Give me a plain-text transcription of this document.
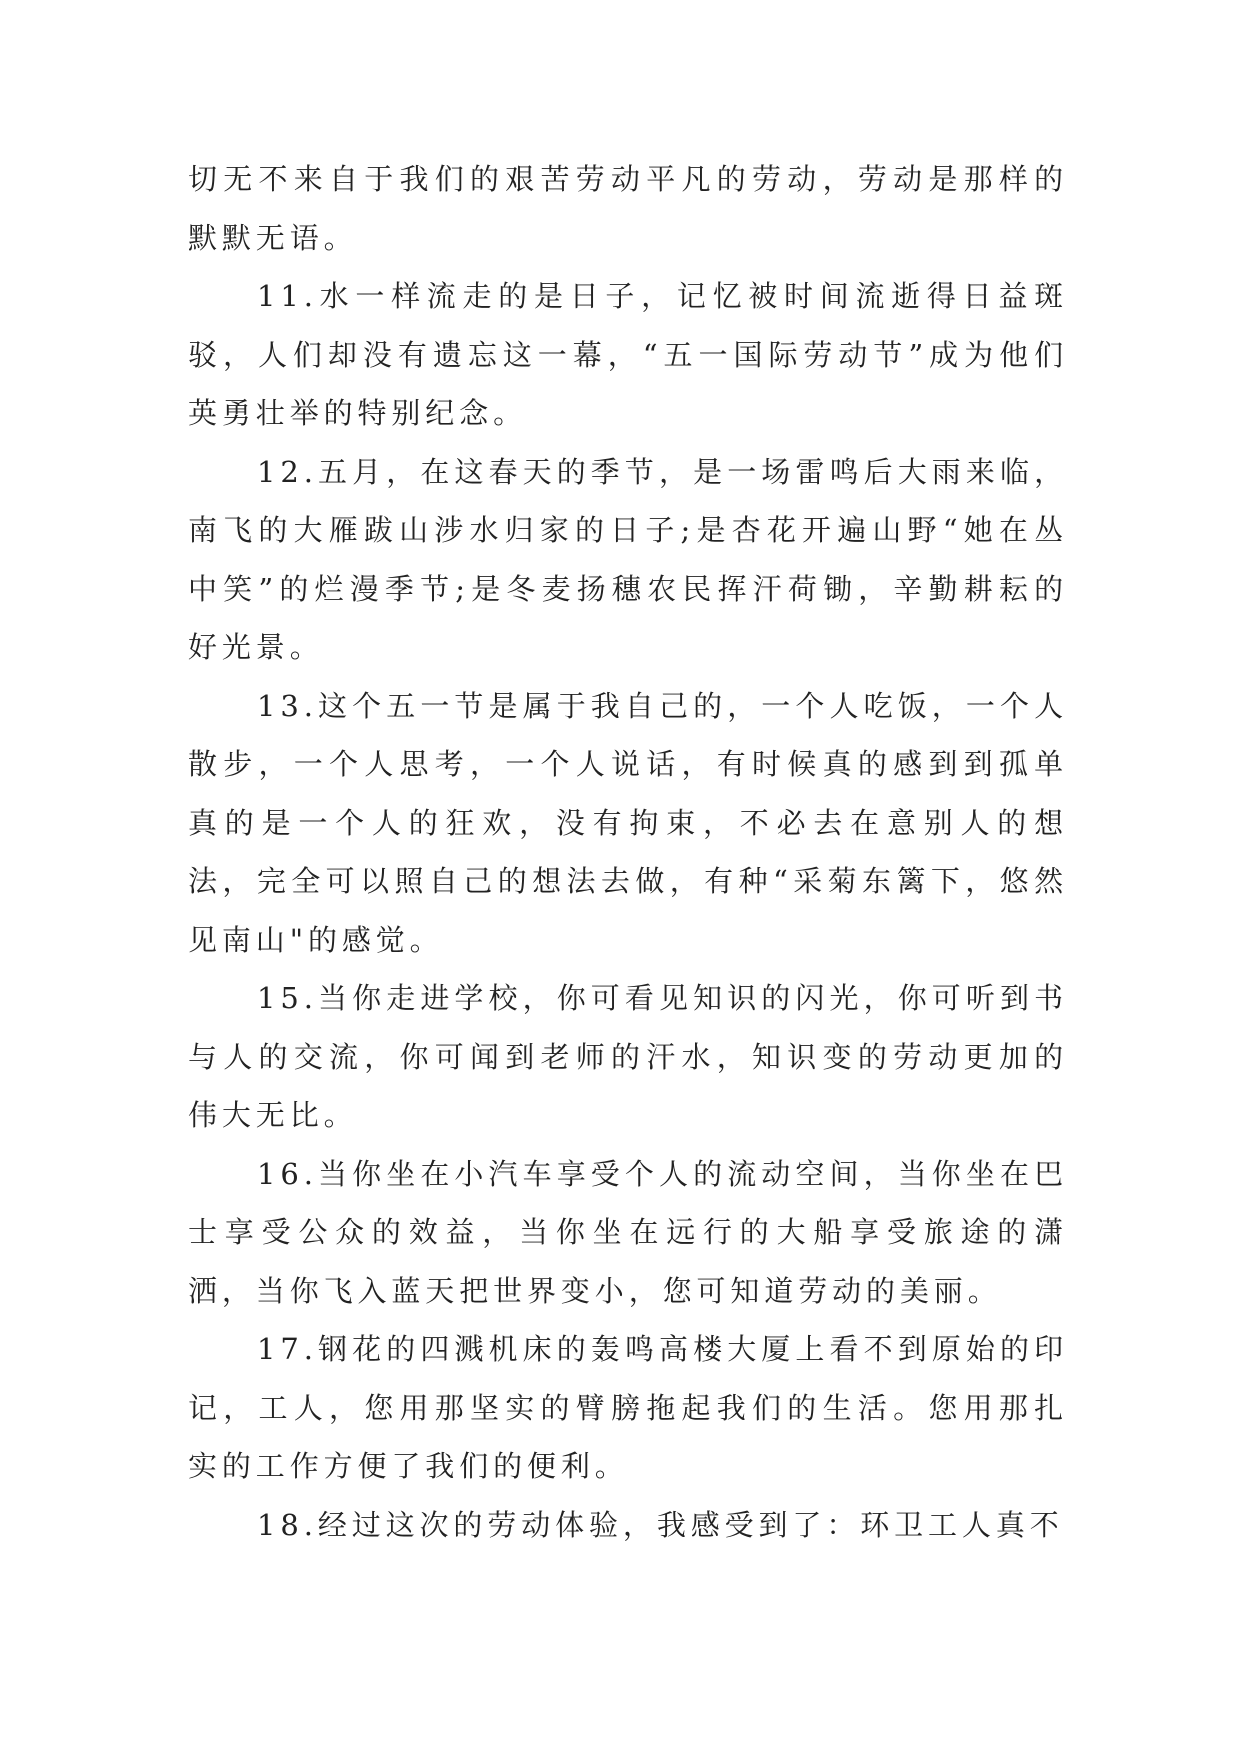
切无不来自于我们的艰苦劳动平凡的劳动，劳动是那样的默默无语。

11.水一样流走的是日子，记忆被时间流逝得日益斑驳，人们却没有遗忘这一幕，“五一国际劳动节”成为他们英勇壮举的特别纪念。

12.五月，在这春天的季节，是一场雷鸣后大雨来临，南飞的大雁跋山涉水归家的日子;是杏花开遍山野“她在丛中笑”的烂漫季节;是冬麦扬穗农民挥汗荷锄，辛勤耕耘的好光景。

13.这个五一节是属于我自己的，一个人吃饭，一个人散步，一个人思考，一个人说话，有时候真的感到到孤单真的是一个人的狂欢，没有拘束，不必去在意别人的想法，完全可以照自己的想法去做，有种“采菊东篱下，悠然见南山"的感觉。

15.当你走进学校，你可看见知识的闪光，你可听到书与人的交流，你可闻到老师的汗水，知识变的劳动更加的伟大无比。

16.当你坐在小汽车享受个人的流动空间，当你坐在巴士享受公众的效益，当你坐在远行的大船享受旅途的潇洒，当你飞入蓝天把世界变小，您可知道劳动的美丽。

17.钢花的四溅机床的轰鸣高楼大厦上看不到原始的印记，工人，您用那坚实的臂膀拖起我们的生活。您用那扎实的工作方便了我们的便利。

18.经过这次的劳动体验，我感受到了：环卫工人真不
